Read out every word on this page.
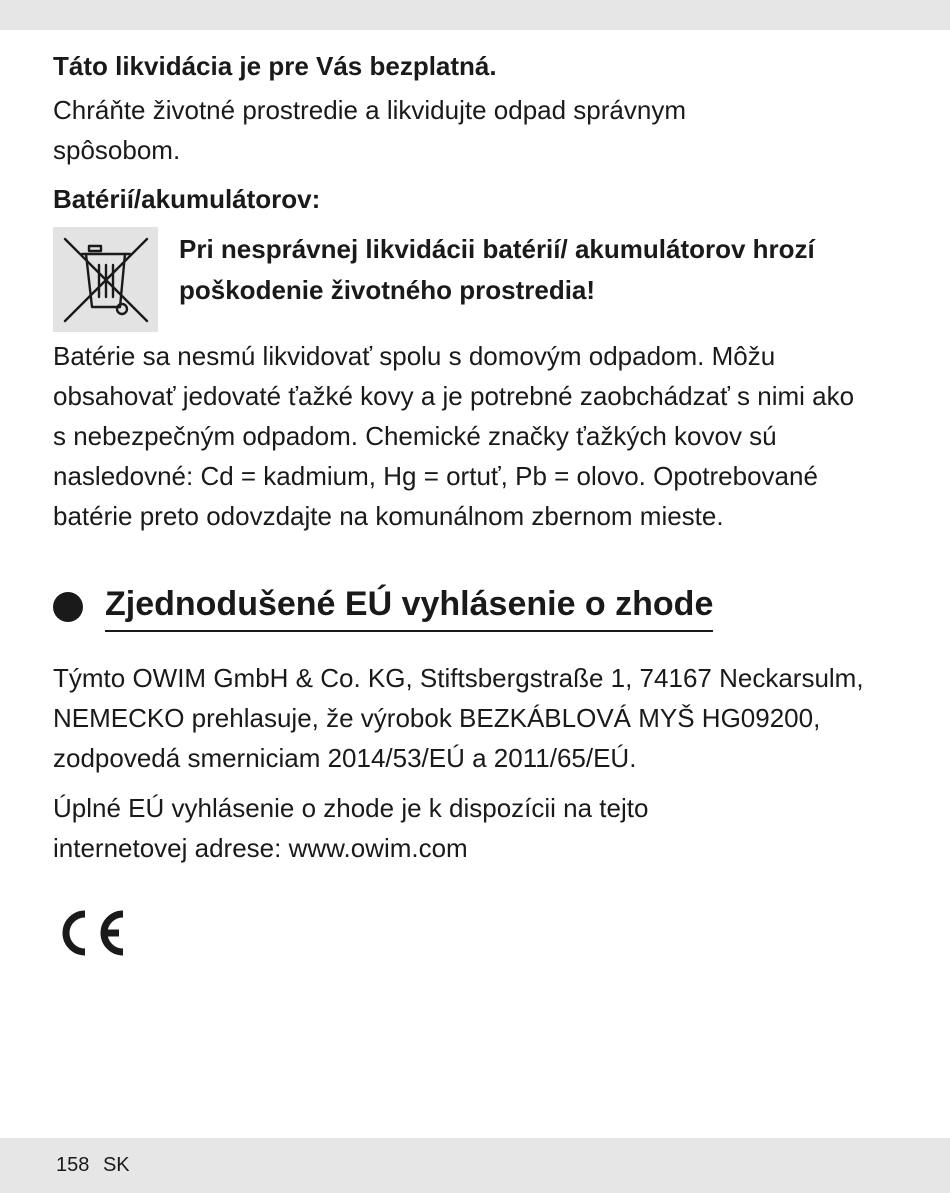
Táto likvidácia je pre Vás bezplatná.

Chráňte životné prostredie a likvidujte odpad správnym spôsobom.

Batérií/akumulátorov:

Pri nesprávnej likvidácii batérií/ akumulátorov hrozí poškodenie životného prostredia!

Batérie sa nesmú likvidovať spolu s domovým odpadom. Môžu obsahovať jedovaté ťažké kovy a je potrebné zaobchádzať s nimi ako s nebezpečným odpadom. Chemické značky ťažkých kovov sú nasledovné: Cd = kadmium, Hg = ortuť, Pb = olovo. Opotrebované batérie preto odovzdajte na komunálnom zbernom mieste.

Zjednodušené EÚ vyhlásenie o zhode

Týmto OWIM GmbH & Co. KG, Stiftsbergstraße 1, 74167 Neckarsulm, NEMECKO prehlasuje, že výrobok BEZKÁBLOVÁ MYŠ HG09200, zodpovedá smerniciam 2014/53/EÚ a 2011/65/EÚ.

Úplné EÚ vyhlásenie o zhode je k dispozícii na tejto internetovej adrese: www.owim.com

158 SK
